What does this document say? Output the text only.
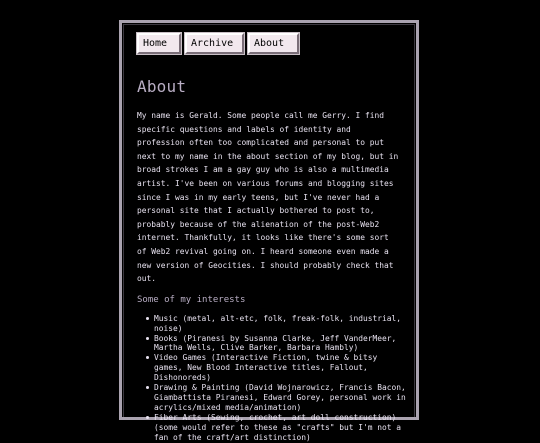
Home	Archive	About
About

My name is Gerald. Some people call me Gerry. I find specific questions and labels of identity and profession often too complicated and personal to put next to my name in the about section of my blog, but in broad strokes I am a gay guy who is also a multimedia artist. I've been on various forums and blogging sites since I was in my early teens, but I've never had a personal site that I actually bothered to post to, probably because of the alienation of the post-Web2 internet. Thankfully, it looks like there's some sort of Web2 revival going on. I heard someone even made a new version of Geocities. I should probably check that out.

Some of my interests
Music (metal, alt-etc, folk, freak-folk, industrial, noise)
Books (Piranesi by Susanna Clarke, Jeff VanderMeer, Martha Wells, Clive Barker, Barbara Hambly)
Video Games (Interactive Fiction, twine & bitsy games, New Blood Interactive titles, Fallout, Dishonoreds)
Drawing & Painting (David Wojnarowicz, Francis Bacon, Giambattista Piranesi, Edward Gorey, personal work in acrylics/mixed media/animation)
Fiber Arts (Sewing, crochet, art doll construction) (some would refer to these as "crafts" but I'm not a fan of the craft/art distinction)
